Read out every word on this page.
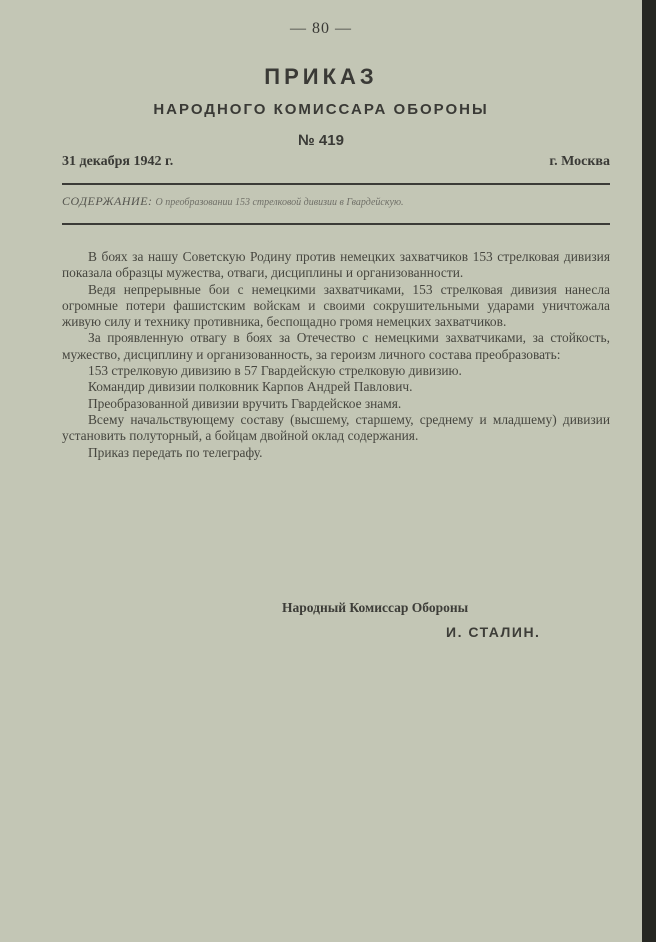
— 80 —
ПРИКАЗ
НАРОДНОГО КОМИССАРА ОБОРОНЫ
№ 419
31 декабря 1942 г.	г. Москва
СОДЕРЖАНИЕ: О преобразовании 153 стрелковой дивизии в Гвардейскую.

В боях за нашу Советскую Родину против немецких захватчиков 153 стрелковая дивизия показала образцы мужества, отваги, дисциплины и организованности.

Ведя непрерывные бои с немецкими захватчиками, 153 стрелковая дивизия нанесла огромные потери фашистским войскам и своими сокрушительными ударами уничтожала живую силу и технику противника, беспощадно громя немецких захватчиков.

За проявленную отвагу в боях за Отечество с немецкими захватчиками, за стойкость, мужество, дисциплину и организованность, за героизм личного состава преобразовать:

153 стрелковую дивизию в 57 Гвардейскую стрелковую дивизию.

Командир дивизии полковник Карпов Андрей Павлович.

Преобразованной дивизии вручить Гвардейское знамя.

Всему начальствующему составу (высшему, старшему, среднему и младшему) дивизии установить полуторный, а бойцам двойной оклад содержания.

Приказ передать по телеграфу.

Народный Комиссар Обороны
И. СТАЛИН.
